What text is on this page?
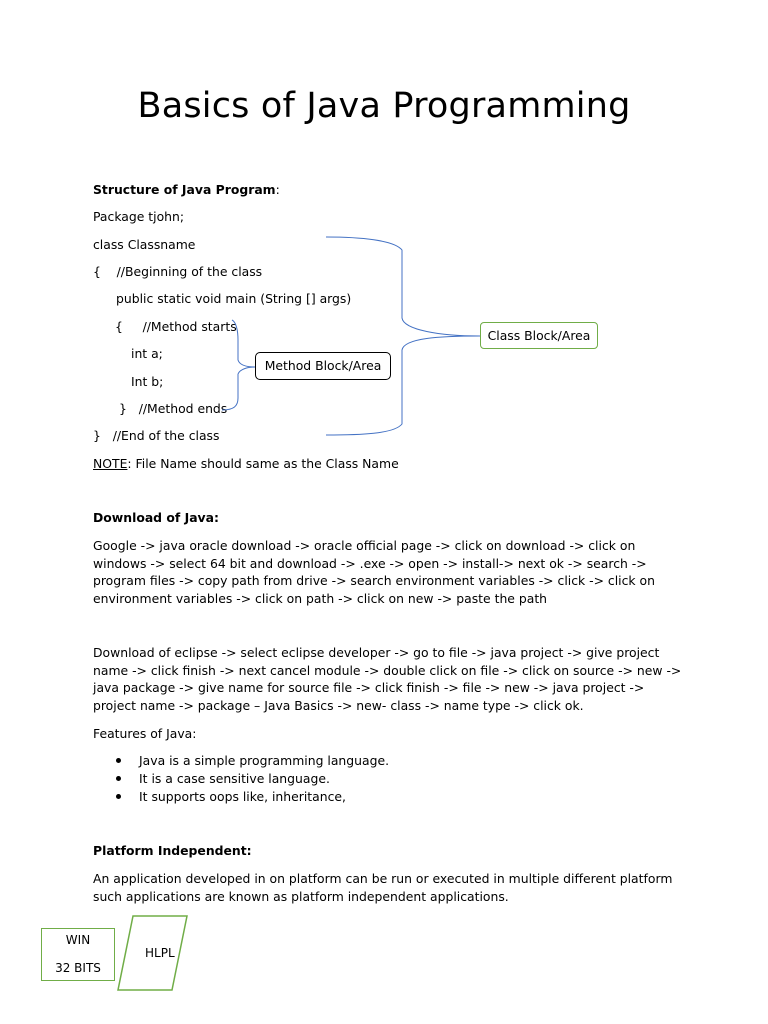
Basics of Java Programming
Structure of Java Program:
Package tjohn;
class Classname
{    //Beginning of the class
public static void main (String [] args)
{     //Method starts
int a;
Int b;
}   //Method ends
}   //End of the class
Class Block/Area
Method Block/Area
NOTE: File Name should same as the Class Name
Download of Java:
Google -> java oracle download -> oracle official page -> click on download -> click on windows -> select 64 bit and download -> .exe -> open -> install-> next ok -> search -> program files -> copy path from drive -> search environment variables -> click -> click on environment variables -> click on path -> click on new -> paste the path
Download of eclipse -> select eclipse developer -> go to file -> java project -> give project name -> click finish -> next cancel module -> double click on file -> click on source -> new -> java package -> give name for source file -> click finish -> file -> new -> java project -> project name -> package – Java Basics -> new- class -> name type -> click ok.
Features of Java:
Java is a simple programming language.
It is a case sensitive language.
It supports oops like, inheritance,
Platform Independent:
An application developed in on platform can be run or executed in multiple different platform such applications are known as platform independent applications.
WIN
32 BITS
HLPL
